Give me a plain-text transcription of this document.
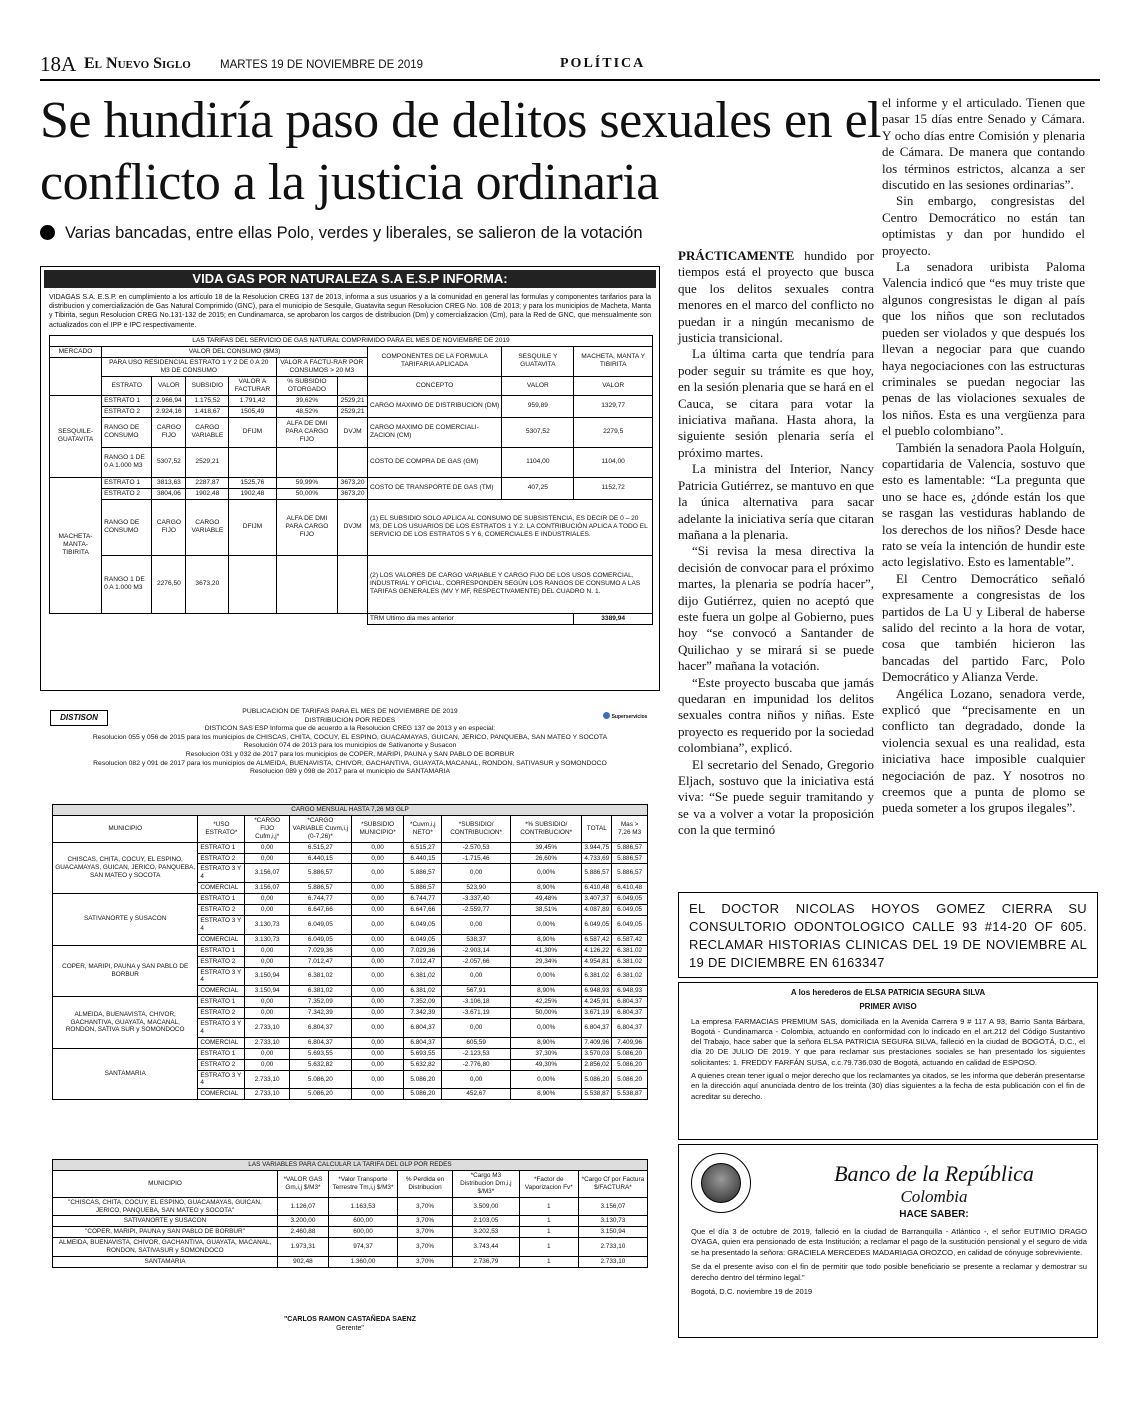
18A El Nuevo Siglo	MARTES 19 DE NOVIEMBRE DE 2019	POLÍTICA
Se hundiría paso de delitos sexuales en el conflicto a la justicia ordinaria
Varias bancadas, entre ellas Polo, verdes y liberales, se salieron de la votación

PRÁCTICAMENTE hundido por tiempos está el proyecto que busca que los delitos sexuales contra menores en el marco del conflicto no puedan ir a ningún mecanismo de justicia transicional.

La última carta que tendría para poder seguir su trámite es que hoy, en la sesión plenaria que se hará en el Cauca, se citara para votar la iniciativa mañana. Hasta ahora, la siguiente sesión plenaria sería el próximo martes.

La ministra del Interior, Nancy Patricia Gutiérrez, se mantuvo en que la única alternativa para sacar adelante la iniciativa sería que citaran mañana a la plenaria.

“Si revisa la mesa directiva la decisión de convocar para el próximo martes, la plenaria se podría hacer”, dijo Gutiérrez, quien no aceptó que este fuera un golpe al Gobierno, pues hoy “se convocó a Santander de Quilichao y se mirará si se puede hacer” mañana la votación.

“Este proyecto buscaba que jamás quedaran en impunidad los delitos sexuales contra niños y niñas. Este proyecto es requerido por la sociedad colombiana”, explicó.

El secretario del Senado, Gregorio Eljach, sostuvo que la iniciativa está viva: “Se puede seguir tramitando y se va a volver a votar la proposición con la que terminó

el informe y el articulado. Tienen que pasar 15 días entre Senado y Cámara. Y ocho días entre Comisión y plenaria de Cámara. De manera que contando los términos estrictos, alcanza a ser discutido en las sesiones ordinarias”.

Sin embargo, congresistas del Centro Democrático no están tan optimistas y dan por hundido el proyecto.

La senadora uribista Paloma Valencia indicó que “es muy triste que algunos congresistas le digan al país que los niños que son reclutados pueden ser violados y que después los llevan a negociar para que cuando haya negociaciones con las estructuras criminales se puedan negociar las penas de las violaciones sexuales de los niños. Esta es una vergüenza para el pueblo colombiano”.

También la senadora Paola Holguín, copartidaria de Valencia, sostuvo que esto es lamentable: “La pregunta que uno se hace es, ¿dónde están los que se rasgan las vestiduras hablando de los derechos de los niños? Desde hace rato se veía la intención de hundir este acto legislativo. Esto es lamentable”.

El Centro Democrático señaló expresamente a congresistas de los partidos de La U y Liberal de haberse salido del recinto a la hora de votar, cosa que también hicieron las bancadas del partido Farc, Polo Democrático y Alianza Verde.

Angélica Lozano, senadora verde, explicó que “precisamente en un conflicto tan degradado, donde la violencia sexual es una realidad, esta iniciativa hace imposible cualquier negociación de paz. Y nosotros no creemos que a punta de plomo se pueda someter a los grupos ilegales”.

VIDA GAS POR NATURALEZA S.A E.S.P INFORMA:
VIDAGAS S.A. E.S.P. en cumplimiento a los artículo 18 de la Resolucion CREG 137 de 2013, informa a sus usuarios y a la comunidad en general las formulas y componentes tarifarios para la distribucion y comercialización de Gas Natural Comprimido (GNC), para el municipio de Sesquile, Guatavita segun Resolucion CREG No. 108 de 2013; y para los municipios de Macheta, Manta y Tibirita, segun Resolucion CREG No.131-132 de 2015; en Cundinamarca, se aprobaron los cargos de distribucion (Dm) y comercializacion (Cm), para la Red de GNC, que mensualmente son actualizados con el IPP e IPC respectivamente.
LAS TARIFAS DEL SERVICIO DE GAS NATURAL COMPRIMIDO PARA EL MES DE NOVIEMBRE DE 2019									
MERCADO	VALOR DEL CONSUMO ($M3)						COMPONENTES DE LA FORMULA TARIFARIA APLICADA	SESQUILE Y GUATAVITA	MACHETA, MANTA Y TIBIRITA
	PARA USO RESIDENCIAL ESTRATO 1 Y 2 DE 0 A 20 M3 DE CONSUMO				VALOR A FACTU-RAR POR CONSUMOS > 20 M3				
	ESTRATO	VALOR	SUBSIDIO	VALOR A FACTURAR	% SUBSIDIO OTORGADO		CONCEPTO	VALOR	VALOR
SESQUILE-GUATAVITA	ESTRATO 1	2.966,94	1.175,52	1.791,42	39,62%	2529,21	CARGO MAXIMO DE DISTRIBUCION (DM)	959,89	1329,77
	ESTRATO 2	2.924,16	1.418,67	1505,49	48,52%	2529,21			
	RANGO DE CONSUMO	CARGO FIJO	CARGO VARIABLE	DFIJM	ALFA DE DMI PARA CARGO FIJO	DVJM	CARGO MAXIMO DE COMERCIALI-ZACION (CM)	5307,52	2279,5
	RANGO 1 DE 0 A 1.000 M3	5307,52	2529,21				COSTO DE COMPRA DE GAS (GM)	1104,00	1104,00
MACHETA-MANTA-TIBIRITA	ESTRATO 1	3813,63	2287,87	1525,76	59,99%	3673,20	COSTO DE TRANSPORTE DE GAS (TM)	407,25	1152,72
	ESTRATO 2	3804,06	1902,48	1902,48	50,00%	3673,20			
	RANGO DE CONSUMO	CARGO FIJO	CARGO VARIABLE	DFIJM	ALFA DE DMI PARA CARGO FIJO	DVJM	(1) EL SUBSIDIO SOLO APLICA AL CONSUMO DE SUBSISTENCIA, ES DECIR DE 0 – 20 M3, DE LOS USUARIOS DE LOS ESTRATOS 1 Y 2. LA CONTRIBUCIÓN APLICA A TODO EL SERVICIO DE LOS ESTRATOS 5 Y 6, COMERCIALES E INDUSTRIALES.		
	RANGO 1 DE 0 A 1.000 M3	2276,50	3673,20				(2) LOS VALORES DE CARGO VARIABLE Y CARGO FIJO DE LOS USOS COMERCIAL, INDUSTRIAL Y OFICIAL, CORRESPONDEN SEGÚN LOS RANGOS DE CONSUMO A LAS TARIFAS GENERALES (MV Y MF, RESPECTIVAMENTE) DEL CUADRO N. 1.		
							TRM Ultimo dia mes anterior		3389,94
DISTISON	Superservicios
PUBLICACION DE TARIFAS PARA EL MES DE NOVIEMBRE DE 2019
DISTRIBUCION POR REDES
DISTICON SAS ESP Informa que de acuerdo a la Resolucion CREG 137 de 2013 y en especial:
Resolucion 055 y 056 de 2015 para los municipios de CHISCAS, CHITA, COCUY, EL ESPINO, GUACAMAYAS, GUICAN, JERICO, PANQUEBA, SAN MATEO Y SOCOTA
Resolución 074 de 2013 para los municipios de Sativanorte y Susacon
Resolucion 031 y 032 de 2017 para los municipios de COPER, MARIPI, PAUNA y SAN PABLO DE BORBUR
Resolucion 082 y 091 de 2017 para los municipios de ALMEIDA, BUENAVISTA, CHIVOR, GACHANTIVA, GUAYATA,MACANAL, RONDON, SATIVASUR y SOMONDOCO
Resolucion 089 y 098 de 2017 para el municipio de SANTAMARIA
CARGO MENSUAL HASTA 7,26 M3 GLP									
MUNICIPIO	*USO ESTRATO*	*CARGO FIJO Cufm,i,j*	*CARGO VARIABLE Cuvm,i,j (0-7,26)*	*SUBSIDIO MUNICIPIO*	*Cuvm,i,j NETO*	*SUBSIDIO/ CONTRIBUCION*	*% SUBSIDIO/ CONTRIBUCION*	TOTAL	Mas > 7,26 M3
CHISCAS, CHITA, COCUY, EL ESPINO, GUACAMAYAS, GUICAN, JERICO, PANQUEBA, SAN MATEO y SOCOTA	ESTRATO 1	0,00	6.515,27	0,00	6.515,27	-2.570,53	39,45%	3.944,75	5.886,57
	ESTRATO 2	0,00	6.440,15	0,00	6.440,15	-1.715,46	26,60%	4.733,69	5.886,57
	ESTRATO 3 Y 4	3.156,07	5.886,57	0,00	5.886,57	0,00	0,00%	5.886,57	5.886,57
	COMERCIAL	3.156,07	5.886,57	0,00	5.886,57	523,90	8,90%	6.410,48	6.410,48
SATIVANORTE y SUSACON	ESTRATO 1	0,00	6.744,77	0,00	6.744,77	-3.337,40	49,48%	3.407,37	6.049,05
	ESTRATO 2	0,00	6.647,66	0,00	6.647,66	-2.559,77	38,51%	4.087,89	6.049,05
	ESTRATO 3 Y 4	3.130,73	6.049,05	0,00	6.049,05	0,00	0,00%	6.049,05	6.049,05
	COMERCIAL	3.130,73	6.049,05	0,00	6.049,05	538,37	8,90%	6.587,42	6.587,42
COPER, MARIPI, PAUNA y SAN PABLO DE BORBUR	ESTRATO 1	0,00	7.029,36	0,00	7.029,36	-2.903,14	41,30%	4.126,22	6.381,02
	ESTRATO 2	0,00	7.012,47	0,00	7.012,47	-2.057,66	29,34%	4.954,81	6.381,02
	ESTRATO 3 Y 4	3.150,94	6.381,02	0,00	6.381,02	0,00	0,00%	6.381,02	6.381,02
	COMERCIAL	3.150,94	6.381,02	0,00	6.381,02	567,91	8,90%	6.948,93	6.948,93
ALMEIDA, BUENAVISTA, CHIVOR, GACHANTIVA, GUAYATA, MACANAL, RONDON, SATIVA SUR y SOMONDOCO	ESTRATO 1	0,00	7.352,09	0,00	7.352,09	-3.106,18	42,25%	4.245,91	6.804,37
	ESTRATO 2	0,00	7.342,39	0,00	7.342,39	-3.671,19	50,00%	3.671,19	6.804,37
	ESTRATO 3 Y 4	2.733,10	6.804,37	0,00	6.804,37	0,00	0,00%	6.804,37	6.804,37
	COMERCIAL	2.733,10	6.804,37	0,00	6.804,37	605,59	8,90%	7.409,96	7.409,96
SANTAMARIA	ESTRATO 1	0,00	5.693,55	0,00	5.693,55	-2.123,53	37,30%	3.570,03	5.086,20
	ESTRATO 2	0,00	5.632,82	0,00	5.632,82	-2.776,80	49,30%	2.856,02	5.086,20
	ESTRATO 3 Y 4	2.733,10	5.086,20	0,00	5.086,20	0,00	0,00%	5.086,20	5.086,20
	COMERCIAL	2.733,10	5.086,20	0,00	5.086,20	452,67	8,90%	5.538,87	5.538,87
LAS VARIABLES PARA CALCULAR LA TARIFA DEL GLP POR REDES						
MUNICIPIO	*VALOR GAS Gm,i,j $/M3*	*Valor Transporte Terrestre Tm,i,j $/M3*	% Perdida en Distribucion	*Cargo M3 Distribucion Dm,i,j $/M3*	*Factor de Vaporizacion Fv*	*Cargo Cf por Factura $/FACTURA*
"CHISCAS, CHITA, COCUY, EL ESPINO, GUACAMAYAS, GUICAN, JERICO, PANQUEBA, SAN MATEO y SOCOTA"	1.126,07	1.163,53	3,70%	3.509,00	1	3.156,07
SATIVANORTE y SUSACON	3.200,00	600,00	3,70%	2.103,05	1	3.130,73
"COPER, MARIPI, PAUNA y SAN PABLO DE BORBUR"	2.460,88	600,00	3,70%	3.202,53	1	3.150,94
ALMEIDA, BUENAVISTA, CHIVOR, GACHANTIVA, GUAYATA, MACANAL, RONDON, SATIVASUR y SOMONDOCO	1.973,31	974,37	3,70%	3.743,44	1	2.733,10
SANTAMARIA	902,48	1.360,00	3,70%	2.736,79	1	2.733,10
"CARLOS RAMON CASTAÑEDA SAENZ
Gerente"
EL DOCTOR NICOLAS HOYOS GOMEZ CIERRA SU CONSULTORIO ODONTOLOGICO CALLE 93 #14-20 OF 605. RECLAMAR HISTORIAS CLINICAS DEL 19 DE NOVIEMBRE AL 19 DE DICIEMBRE EN 6163347
A los herederos de ELSA PATRICIA SEGURA SILVA
PRIMER AVISO

La empresa FARMACIAS PREMIUM SAS, domiciliada en la Avenida Carrera 9 # 117 A 93, Barrio Santa Bárbara, Bogotá - Cundinamarca - Colombia, actuando en conformidad con lo indicado en el art.212 del Código Sustantivo del Trabajo, hace saber que la señora ELSA PATRICIA SEGURA SILVA, falleció en la ciudad de BOGOTÁ, D.C., el día 20 DE JULIO DE 2019. Y que para reclamar sus prestaciones sociales se han presentado los siguientes solicitantes: 1. FREDDY FARFÁN SUSA, c.c.79.736.030 de Bogotá, actuando en calidad de ESPOSO.

A quienes crean tener igual o mejor derecho que los reclamantes ya citados, se les informa que deberán presentarse en la dirección aquí anunciada dentro de los treinta (30) días siguientes a la fecha de esta publicación con el fin de acreditar su derecho.

Banco de la República
Colombia
HACE SABER:

Que el día 3 de octubre de 2019, falleció en la ciudad de Barranquilla - Atlántico -, el señor EUTIMIO DRAGO OYAGA, quien era pensionado de esta Institución; a reclamar el pago de la sustitución pensional y el seguro de vida se ha presentado la señora: GRACIELA MERCEDES MADARIAGA OROZCO, en calidad de cónyuge sobreviviente.

Se da el presente aviso con el fin de permitir que todo posible beneficiario se presente a reclamar y demostrar su derecho dentro del término legal.”

Bogotá, D.C. noviembre 19 de 2019
